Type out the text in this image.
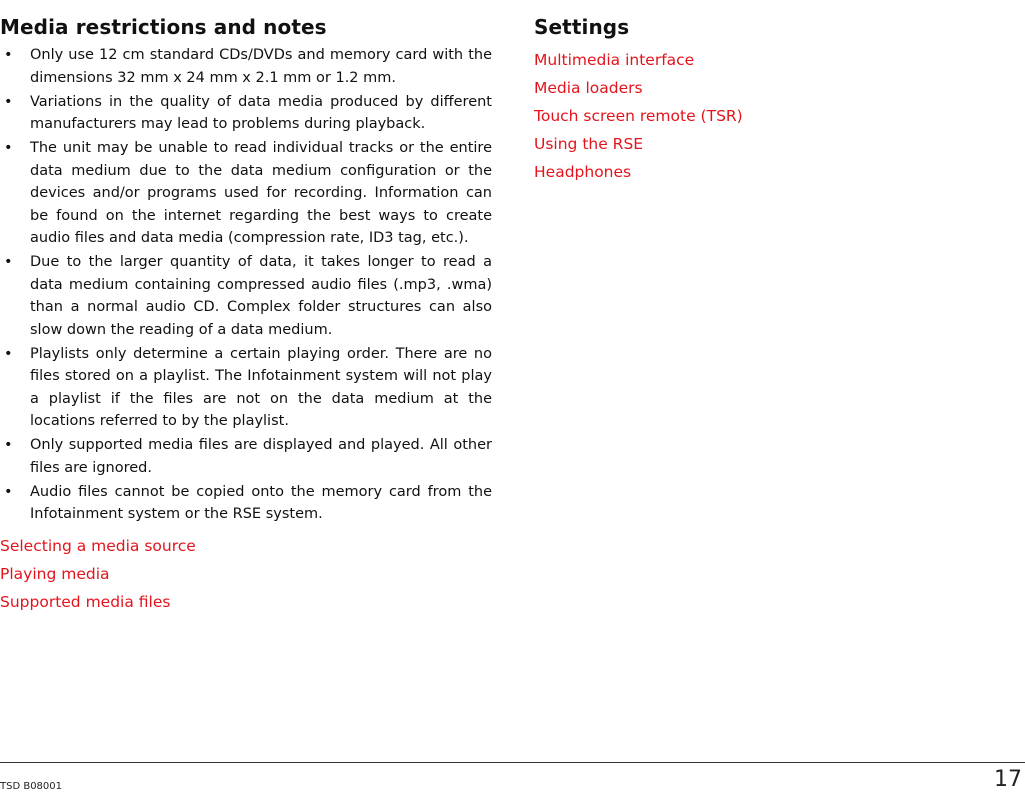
Media restrictions and notes
•	Only use 12 cm standard CDs/DVDs and memory card with the dimensions 32 mm x 24 mm x 2.1 mm or 1.2 mm.
•	Variations in the quality of data media produced by different manufacturers may lead to problems during playback.
•	The unit may be unable to read individual tracks or the entire data medium due to the data medium configuration or the devices and/or programs used for recording. Information can be found on the internet regarding the best ways to create audio files and data media (compression rate, ID3 tag, etc.).
•	Due to the larger quantity of data, it takes longer to read a data medium containing compressed audio files (.mp3, .wma) than a normal audio CD. Complex folder structures can also slow down the reading of a data medium.
•	Playlists only determine a certain playing order. There are no files stored on a playlist. The Infotainment system will not play a playlist if the files are not on the data medium at the locations referred to by the playlist.
•	Only supported media files are displayed and played. All other files are ignored.
•	Audio files cannot be copied onto the memory card from the Infotainment system or the RSE system.
Selecting a media source
Playing media
Supported media files
Settings
Multimedia interface
Media loaders
Touch screen remote (TSR)
Using the RSE
Headphones
TSD B08001	17
